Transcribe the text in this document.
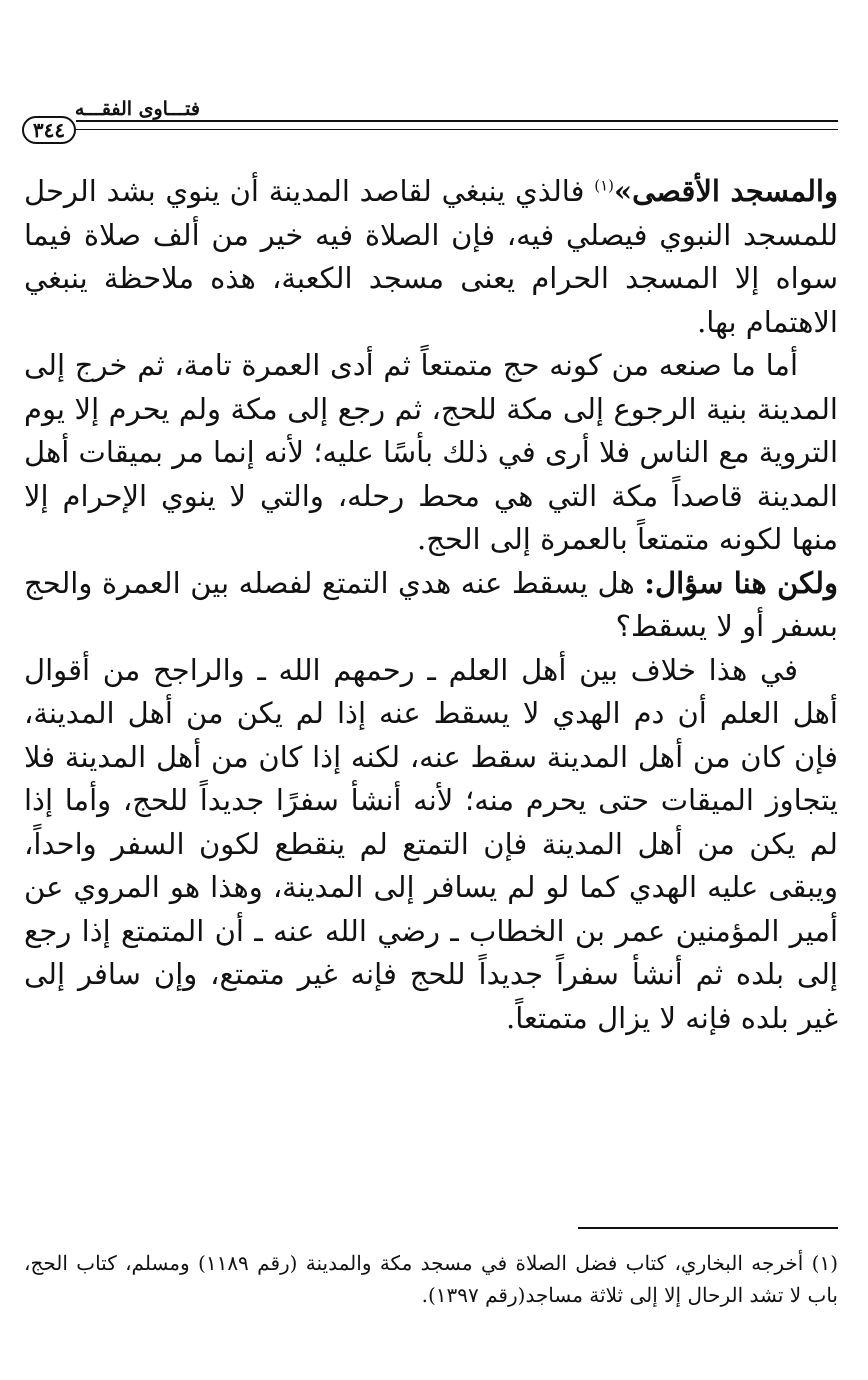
فتـــاوى الفقـــه
٣٤٤

والمسجد الأقصى»$^{(١)}$ فالذي ينبغي لقاصد المدينة أن ينوي بشد الرحل للمسجد النبوي فيصلي فيه، فإن الصلاة فيه خير من ألف صلاة فيما سواه إلا المسجد الحرام يعنى مسجد الكعبة، هذه ملاحظة ينبغي الاهتمام بها.

أما ما صنعه من كونه حج متمتعاً ثم أدى العمرة تامة، ثم خرج إلى المدينة بنية الرجوع إلى مكة للحج، ثم رجع إلى مكة ولم يحرم إلا يوم التروية مع الناس فلا أرى في ذلك بأسًا عليه؛ لأنه إنما مر بميقات أهل المدينة قاصداً مكة التي هي محط رحله، والتي لا ينوي الإحرام إلا منها لكونه متمتعاً بالعمرة إلى الحج.

ولكن هنا سؤال: هل يسقط عنه هدي التمتع لفصله بين العمرة والحج بسفر أو لا يسقط؟

في هذا خلاف بين أهل العلم ـ رحمهم الله ـ والراجح من أقوال أهل العلم أن دم الهدي لا يسقط عنه إذا لم يكن من أهل المدينة، فإن كان من أهل المدينة سقط عنه، لكنه إذا كان من أهل المدينة فلا يتجاوز الميقات حتى يحرم منه؛ لأنه أنشأ سفرًا جديداً للحج، وأما إذا لم يكن من أهل المدينة فإن التمتع لم ينقطع لكون السفر واحداً، ويبقى عليه الهدي كما لو لم يسافر إلى المدينة، وهذا هو المروي عن أمير المؤمنين عمر بن الخطاب ـ رضي الله عنه ـ أن المتمتع إذا رجع إلى بلده ثم أنشأ سفراً جديداً للحج فإنه غير متمتع، وإن سافر إلى غير بلده فإنه لا يزال متمتعاً.

(١) أخرجه البخاري، كتاب فضل الصلاة في مسجد مكة والمدينة (رقم ١١٨٩) ومسلم، كتاب الحج، باب لا تشد الرحال إلا إلى ثلاثة مساجد(رقم ١٣٩٧).
